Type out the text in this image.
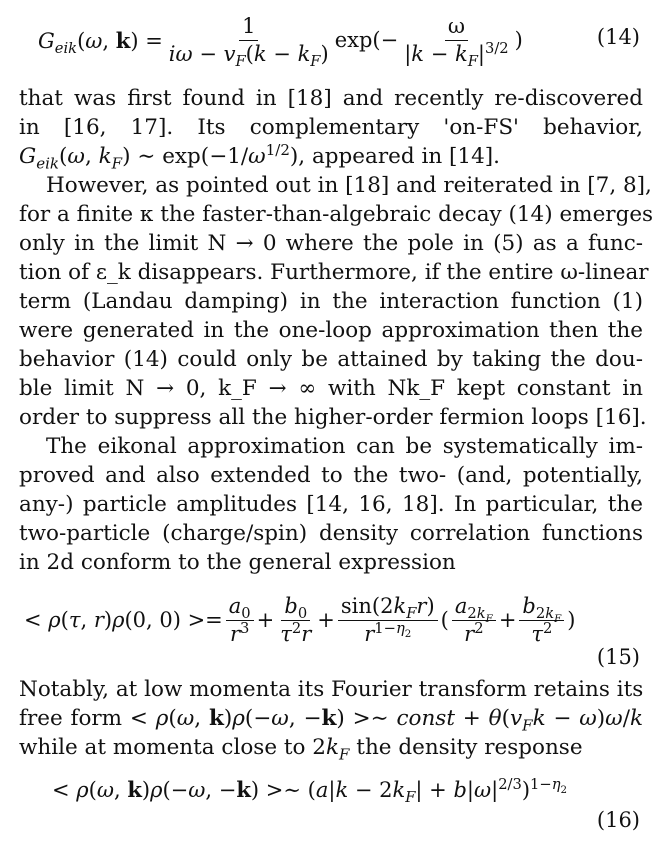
$G_{eik}(\omega$, $k) = \frac{1}{i\omega - v_F(k - k_F)} \exp(- \frac{\omega}{|k - k_F|^{3/2}}$ )	(14)
that was first found in [18] and recently re-discovered
in [16, 17]. Its complementary 'on-FS' behavior,
$G_{eik}(\omega$, $k_F$) ∼ $\exp(-1/\omega^{1/2})$, appeared in [14].
However, as pointed out in [18] and reiterated in [7, 8],
for a finite κ the faster-than-algebraic decay (14) emerges
only in the limit N → 0 where the pole in (5) as a func-
tion of ε_k disappears. Furthermore, if the entire ω-linear
term (Landau damping) in the interaction function (1)
were generated in the one-loop approximation then the
behavior (14) could only be attained by taking the dou-
ble limit N → 0, k_F → ∞ with Nk_F kept constant in
order to suppress all the higher-order fermion loops [16].
The eikonal approximation can be systematically im-
proved and also extended to the two- (and, potentially,
any-) particle amplitudes [14, 16, 18]. In particular, the
two-particle (charge/spin) density correlation functions
in 2d conform to the general expression
< ρ(τ, r)ρ(0, $0) >= \frac{a_0}{r^3} + \frac{b_0}{\tau^2r} + \frac{\sin(2k_Fr)}{r^{1-\eta_2}}$ ( $\frac{a_{2k_F}}{r^2} + \frac{b_{2k_F}}{\tau^2}$ )
(15)
Notably, at low momenta its Fourier transform retains its
free form < ρ(ω, k)ρ(−ω, −k) >∼ const + $\theta(v_Fk - \omega)\omega/k$
while at momenta close to $2k_F$ the density response
< ρ(ω, k)ρ(−ω, −k) >∼ $(a|k - 2k_F| + b|\omega|^{2/3})^{1-\eta_2}$
(16)
